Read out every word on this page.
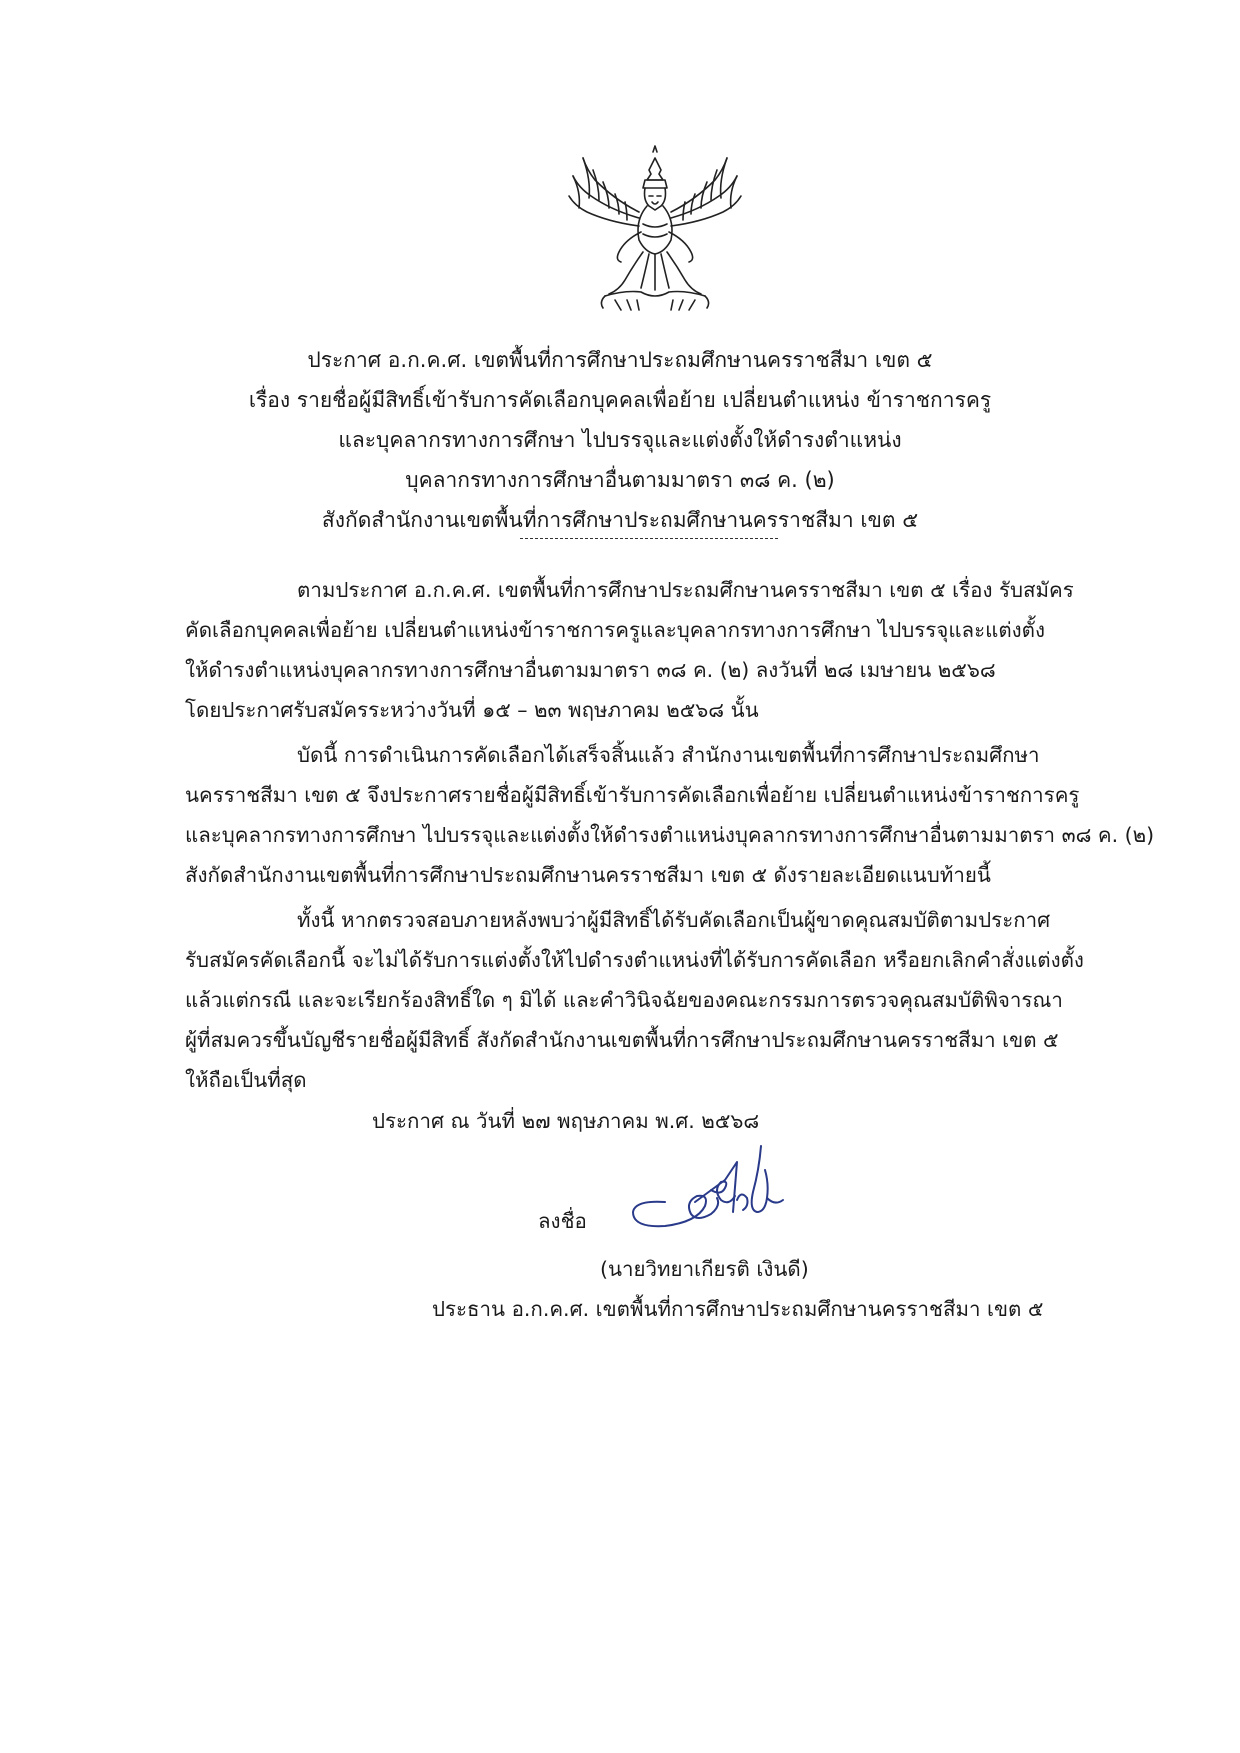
ประกาศ อ.ก.ค.ศ. เขตพื้นที่การศึกษาประถมศึกษานครราชสีมา เขต ๕
เรื่อง รายชื่อผู้มีสิทธิ์เข้ารับการคัดเลือกบุคคลเพื่อย้าย เปลี่ยนตำแหน่ง ข้าราชการครู
และบุคลากรทางการศึกษา ไปบรรจุและแต่งตั้งให้ดำรงตำแหน่ง
บุคลากรทางการศึกษาอื่นตามมาตรา ๓๘ ค. (๒)
สังกัดสำนักงานเขตพื้นที่การศึกษาประถมศึกษานครราชสีมา เขต ๕
ตามประกาศ อ.ก.ค.ศ. เขตพื้นที่การศึกษาประถมศึกษานครราชสีมา เขต ๕ เรื่อง รับสมัคร
คัดเลือกบุคคลเพื่อย้าย เปลี่ยนตำแหน่งข้าราชการครูและบุคลากรทางการศึกษา ไปบรรจุและแต่งตั้ง
ให้ดำรงตำแหน่งบุคลากรทางการศึกษาอื่นตามมาตรา ๓๘ ค. (๒) ลงวันที่ ๒๘ เมษายน ๒๕๖๘
โดยประกาศรับสมัครระหว่างวันที่ ๑๕ – ๒๓ พฤษภาคม ๒๕๖๘ นั้น
บัดนี้ การดำเนินการคัดเลือกได้เสร็จสิ้นแล้ว สำนักงานเขตพื้นที่การศึกษาประถมศึกษา
นครราชสีมา เขต ๕ จึงประกาศรายชื่อผู้มีสิทธิ์เข้ารับการคัดเลือกเพื่อย้าย เปลี่ยนตำแหน่งข้าราชการครู
และบุคลากรทางการศึกษา ไปบรรจุและแต่งตั้งให้ดำรงตำแหน่งบุคลากรทางการศึกษาอื่นตามมาตรา ๓๘ ค. (๒)
สังกัดสำนักงานเขตพื้นที่การศึกษาประถมศึกษานครราชสีมา เขต ๕ ดังรายละเอียดแนบท้ายนี้
ทั้งนี้ หากตรวจสอบภายหลังพบว่าผู้มีสิทธิ์ได้รับคัดเลือกเป็นผู้ขาดคุณสมบัติตามประกาศ
รับสมัครคัดเลือกนี้ จะไม่ได้รับการแต่งตั้งให้ไปดำรงตำแหน่งที่ได้รับการคัดเลือก หรือยกเลิกคำสั่งแต่งตั้ง
แล้วแต่กรณี และจะเรียกร้องสิทธิ์ใด ๆ มิได้ และคำวินิจฉัยของคณะกรรมการตรวจคุณสมบัติพิจารณา
ผู้ที่สมควรขึ้นบัญชีรายชื่อผู้มีสิทธิ์ สังกัดสำนักงานเขตพื้นที่การศึกษาประถมศึกษานครราชสีมา เขต ๕
ให้ถือเป็นที่สุด
ประกาศ ณ วันที่ ๒๗ พฤษภาคม พ.ศ. ๒๕๖๘
ลงชื่อ
(นายวิทยาเกียรติ เงินดี)
ประธาน อ.ก.ค.ศ. เขตพื้นที่การศึกษาประถมศึกษานครราชสีมา เขต ๕
